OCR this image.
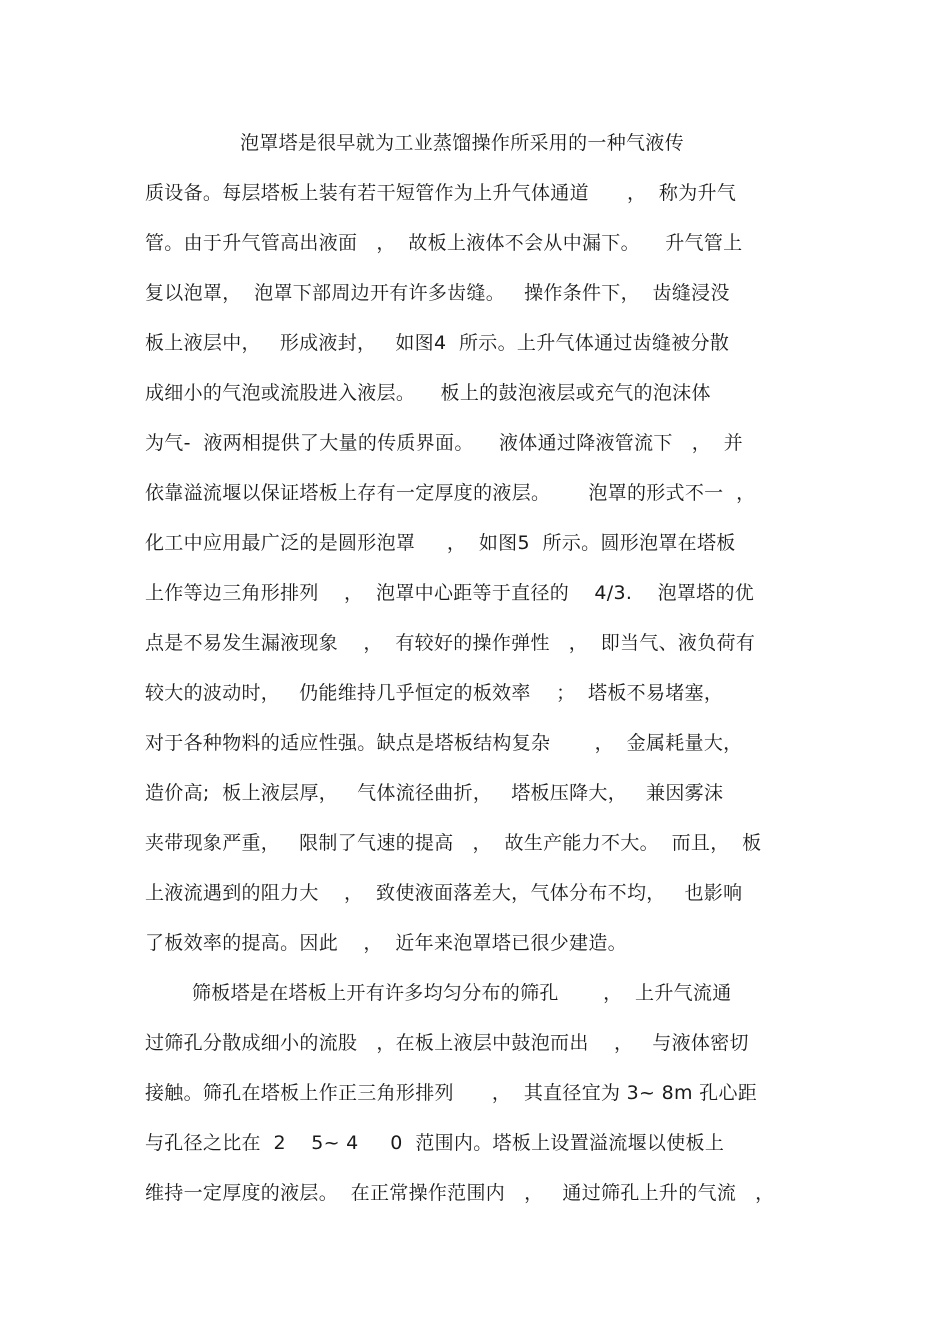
泡罩塔是很早就为工业蒸馏操作所采用的一种气液传
质设备。每层塔板上装有若干短管作为上升气体通道      ，  称为升气
管。由于升气管高出液面   ，  故板上液体不会从中漏下。    升气管上
复以泡罩，  泡罩下部周边开有许多齿缝。   操作条件下，  齿缝浸没
板上液层中，   形成液封，   如图4  所示。上升气体通过齿缝被分散
成细小的气泡或流股进入液层。    板上的鼓泡液层或充气的泡沫体
为气-  液两相提供了大量的传质界面。    液体通过降液管流下   ，  并
依靠溢流堰以保证塔板上存有一定厚度的液层。      泡罩的形式不一  ，
化工中应用最广泛的是圆形泡罩     ，  如图5  所示。圆形泡罩在塔板
上作等边三角形排列    ，  泡罩中心距等于直径的    4/3.    泡罩塔的优
点是不易发生漏液现象    ，  有较好的操作弹性   ，  即当气、液负荷有
较大的波动时，   仍能维持几乎恒定的板效率    ；  塔板不易堵塞，
对于各种物料的适应性强。缺点是塔板结构复杂       ，  金属耗量大，
造价高;  板上液层厚，   气体流径曲折，   塔板压降大，   兼因雾沫
夹带现象严重，   限制了气速的提高   ，  故生产能力不大。  而且，  板
上液流遇到的阻力大    ，  致使液面落差大，气体分布不均，   也影响
了板效率的提高。因此    ，  近年来泡罩塔已很少建造。
筛板塔是在塔板上开有许多均匀分布的筛孔       ，  上升气流通
过筛孔分散成细小的流股   ，在板上液层中鼓泡而出    ，   与液体密切
接触。筛孔在塔板上作正三角形排列      ，  其直径宜为 3~ 8m 孔心距
与孔径之比在  2    5~ 4     0  范围内。塔板上设置溢流堰以使板上
维持一定厚度的液层。  在正常操作范围内   ，   通过筛孔上升的气流   ，
